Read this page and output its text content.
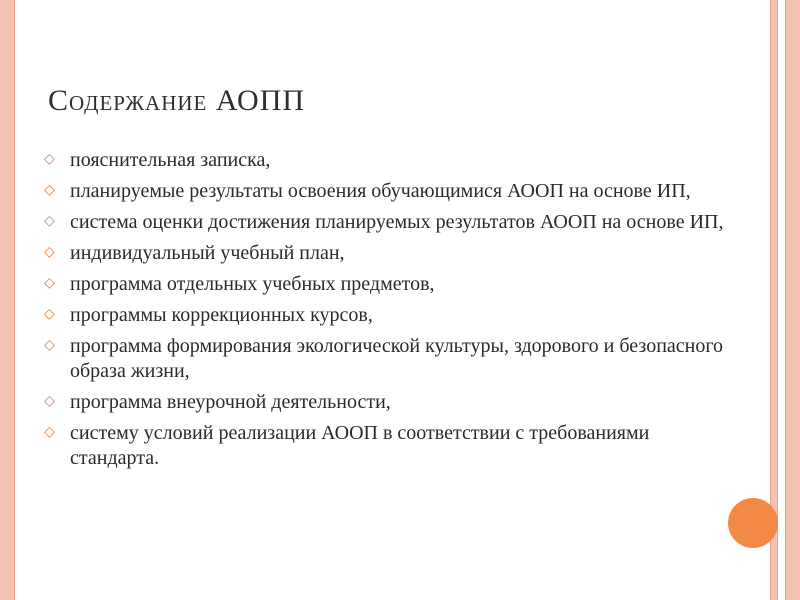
Содержание АОПП
◇ пояснительная записка,
◇ планируемые результаты освоения обучающимися АООП на основе ИП,
◇ система оценки достижения планируемых результатов АООП на основе ИП,
◇ индивидуальный учебный план,
◇ программа отдельных учебных предметов,
◇ программы коррекционных курсов,
◇ программа формирования экологической культуры, здорового и безопасного образа жизни,
◇ программа внеурочной деятельности,
◇ систему условий реализации АООП в соответствии с требованиями стандарта.
